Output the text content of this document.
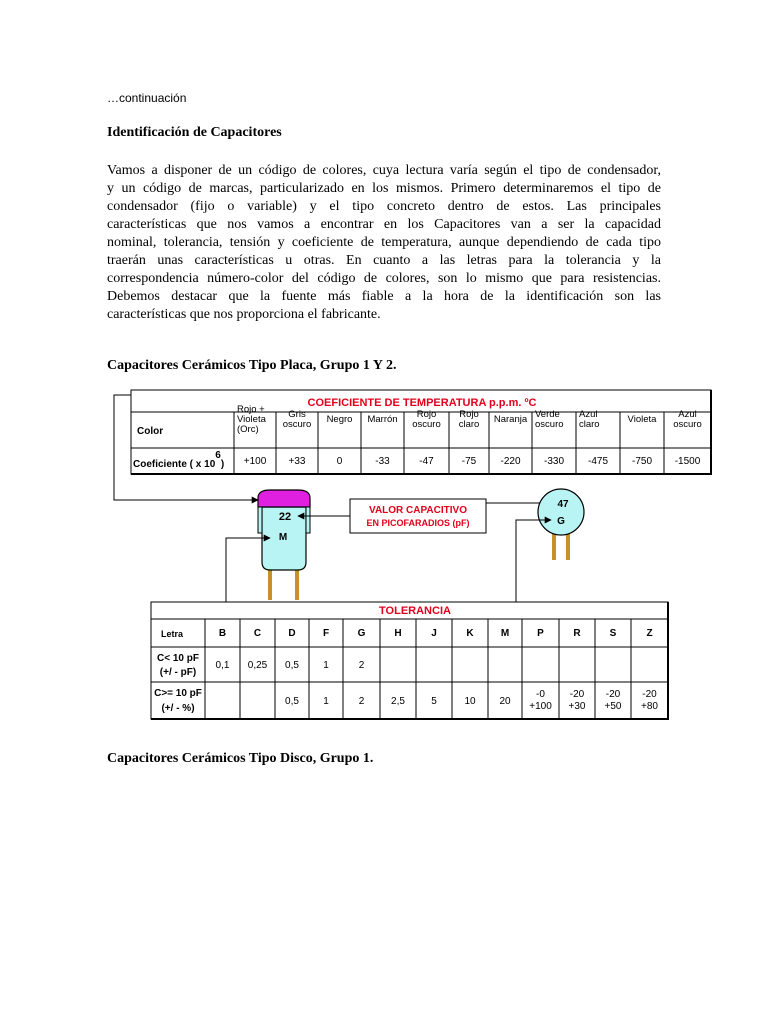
…continuación
Identificación de Capacitores
Vamos a disponer de un código de colores, cuya lectura varía según el tipo de condensador,
y un código de marcas, particularizado en los mismos. Primero determinaremos el tipo de
condensador (fijo o variable) y el tipo concreto dentro de estos. Las principales
características que nos vamos a encontrar en los Capacitores van a ser la capacidad
nominal, tolerancia, tensión y coeficiente de temperatura, aunque dependiendo de cada tipo
traerán unas características u otras. En cuanto a las letras para la tolerancia y la
correspondencia número-color del código de colores, son lo mismo que para resistencias.
Debemos destacar que la fuente más fiable a la hora de la identificación son las
características que nos proporciona el fabricante.
Capacitores Cerámicos Tipo Placa, Grupo 1 Y 2.
COEFICIENTE DE TEMPERATURA p.p.m. ºC
Color
Coeficiente ( x 106)
Rojo +
Violeta
(Orc)
+100
Gris
oscuro
+33
Negro
0
Marrón
-33
Rojo
oscuro
-47
Rojo
claro
-75
Naranja
-220
Verde
oscuro
-330
Azul
claro
-475
Violeta
-750
Azul
oscuro
-1500
22
M
VALOR CAPACITIVO
EN PICOFARADIOS (pF)
47
G
TOLERANCIA
Letra
C< 10 pF
(+/ - pF)
C>= 10 pF
(+/ - %)
B
0,1
C
0,25
D
0,5
0,5
F
1
1
G
2
2
H
2,5
J
5
K
10
M
20
P
-0
+100
R
-20
+30
S
-20
+50
Z
-20
+80
Capacitores Cerámicos Tipo Disco, Grupo 1.
